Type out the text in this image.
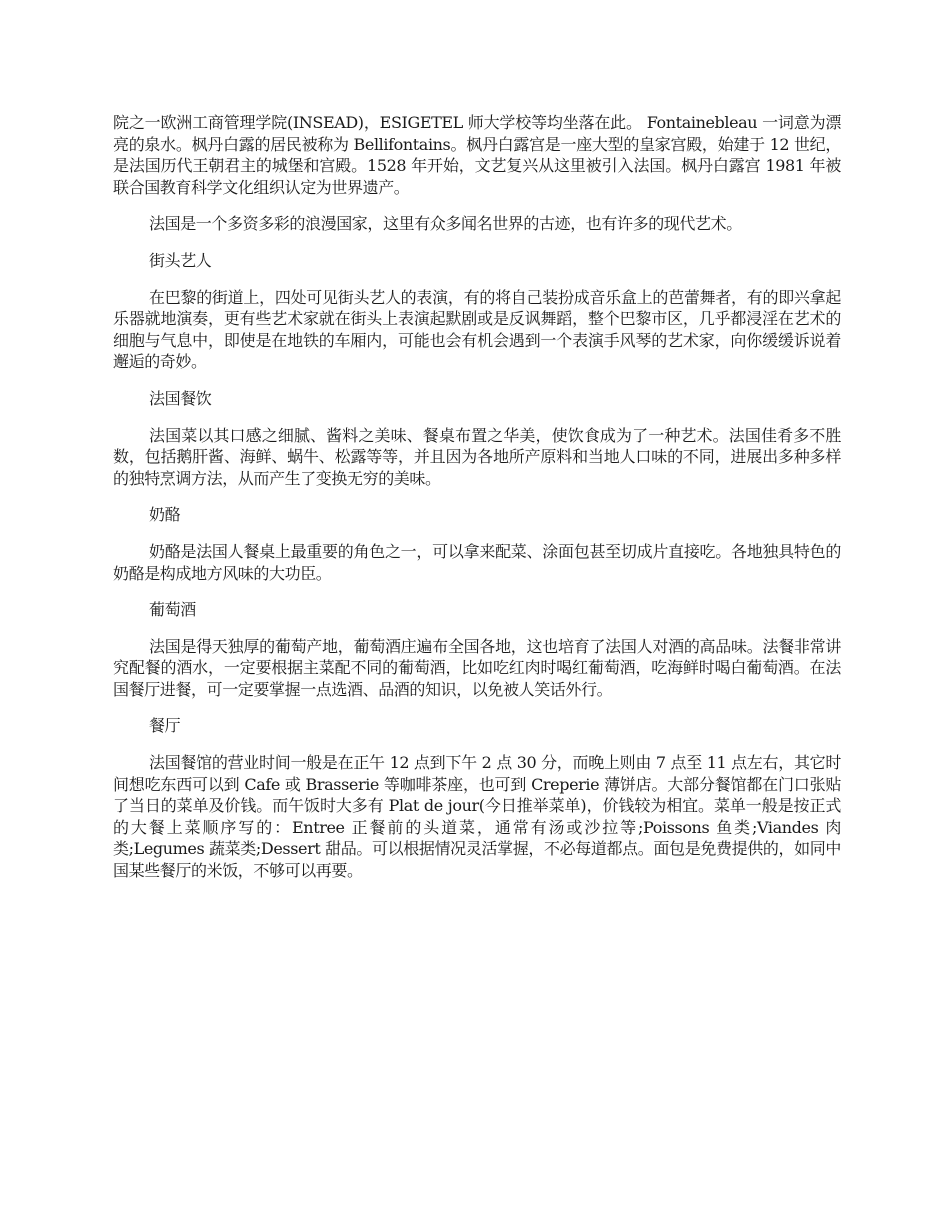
院之一欧洲工商管理学院(INSEAD)，ESIGETEL 师大学校等均坐落在此。 Fontainebleau 一词意为漂亮的泉水。枫丹白露的居民被称为 Bellifontains。枫丹白露宫是一座大型的皇家宫殿，始建于 12 世纪，是法国历代王朝君主的城堡和宫殿。1528 年开始，文艺复兴从这里被引入法国。枫丹白露宫 1981 年被联合国教育科学文化组织认定为世界遗产。

法国是一个多资多彩的浪漫国家，这里有众多闻名世界的古迹，也有许多的现代艺术。

街头艺人

在巴黎的街道上，四处可见街头艺人的表演，有的将自己装扮成音乐盒上的芭蕾舞者，有的即兴拿起乐器就地演奏，更有些艺术家就在街头上表演起默剧或是反讽舞蹈，整个巴黎市区，几乎都浸淫在艺术的细胞与气息中，即使是在地铁的车厢内，可能也会有机会遇到一个表演手风琴的艺术家，向你缓缓诉说着邂逅的奇妙。

法国餐饮

法国菜以其口感之细腻、酱料之美味、餐桌布置之华美，使饮食成为了一种艺术。法国佳肴多不胜数，包括鹅肝酱、海鲜、蜗牛、松露等等，并且因为各地所产原料和当地人口味的不同，进展出多种多样的独特烹调方法，从而产生了变换无穷的美味。

奶酪

奶酪是法国人餐桌上最重要的角色之一，可以拿来配菜、涂面包甚至切成片直接吃。各地独具特色的奶酪是构成地方风味的大功臣。

葡萄酒

法国是得天独厚的葡萄产地，葡萄酒庄遍布全国各地，这也培育了法国人对酒的高品味。法餐非常讲究配餐的酒水，一定要根据主菜配不同的葡萄酒，比如吃红肉时喝红葡萄酒，吃海鲜时喝白葡萄酒。在法国餐厅进餐，可一定要掌握一点选酒、品酒的知识，以免被人笑话外行。

餐厅

法国餐馆的营业时间一般是在正午 12 点到下午 2 点 30 分，而晚上则由 7 点至 11 点左右，其它时间想吃东西可以到 Cafe 或 Brasserie 等咖啡茶座，也可到 Creperie 薄饼店。大部分餐馆都在门口张贴了当日的菜单及价钱。而午饭时大多有 Plat de jour(今日推举菜单)，价钱较为相宜。菜单一般是按正式的大餐上菜顺序写的：Entree 正餐前的头道菜，通常有汤或沙拉等;Poissons 鱼类;Viandes 肉类;Legumes 蔬菜类;Dessert 甜品。可以根据情况灵活掌握，不必每道都点。面包是免费提供的，如同中国某些餐厅的米饭，不够可以再要。
